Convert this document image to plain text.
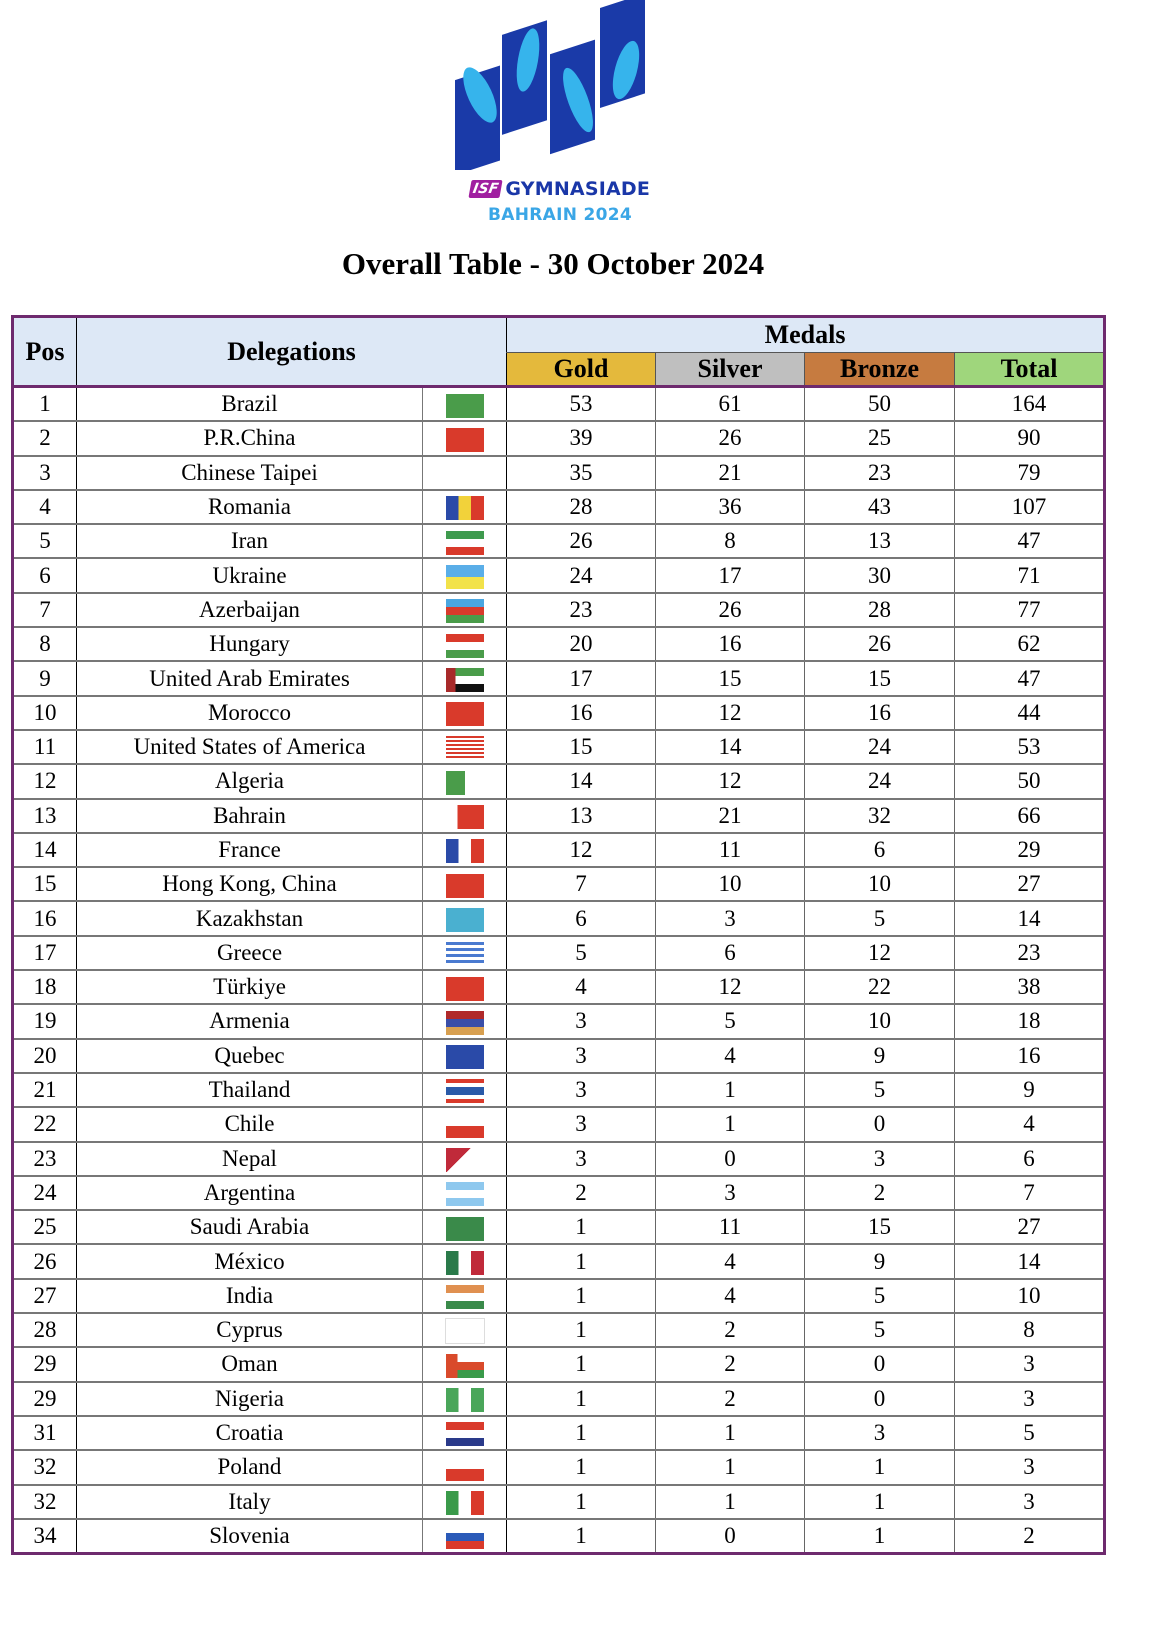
ISF GYMNASIADE
BAHRAIN 2024
Overall Table - 30 October 2024
Pos	Delegations		Medals			
			Gold	Silver	Bronze	Total
1	Brazil		53	61	50	164
2	P.R.China		39	26	25	90
3	Chinese Taipei		35	21	23	79
4	Romania		28	36	43	107
5	Iran		26	8	13	47
6	Ukraine		24	17	30	71
7	Azerbaijan		23	26	28	77
8	Hungary		20	16	26	62
9	United Arab Emirates		17	15	15	47
10	Morocco		16	12	16	44
11	United States of America		15	14	24	53
12	Algeria		14	12	24	50
13	Bahrain		13	21	32	66
14	France		12	11	6	29
15	Hong Kong, China		7	10	10	27
16	Kazakhstan		6	3	5	14
17	Greece		5	6	12	23
18	Türkiye		4	12	22	38
19	Armenia		3	5	10	18
20	Quebec		3	4	9	16
21	Thailand		3	1	5	9
22	Chile		3	1	0	4
23	Nepal		3	0	3	6
24	Argentina		2	3	2	7
25	Saudi Arabia		1	11	15	27
26	México		1	4	9	14
27	India		1	4	5	10
28	Cyprus		1	2	5	8
29	Oman		1	2	0	3
29	Nigeria		1	2	0	3
31	Croatia		1	1	3	5
32	Poland		1	1	1	3
32	Italy		1	1	1	3
34	Slovenia		1	0	1	2
